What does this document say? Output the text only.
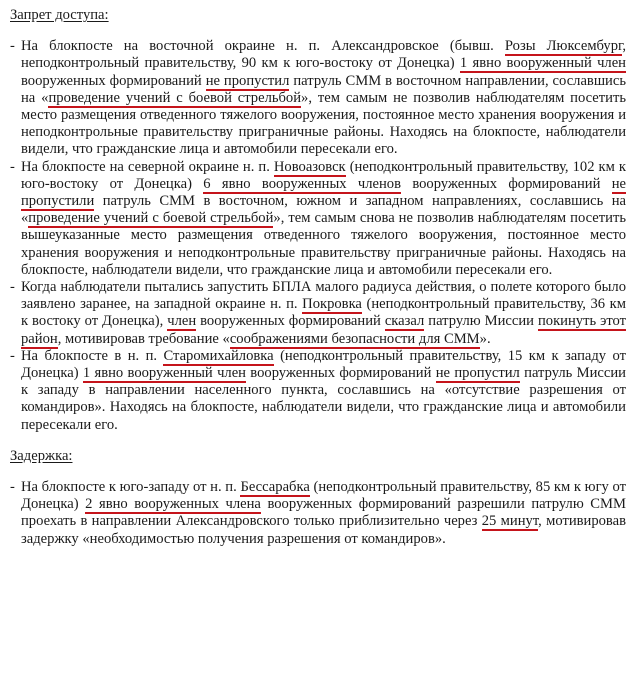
Запрет доступа:

- На блокпосте на восточной окраине н. п. Александровское (бывш. Розы Люксембург, неподконтрольный правительству, 90 км к юго-востоку от Донецка) 1 явно вооруженный член вооруженных формирований не пропустил патруль СММ в восточном направлении, сославшись на «проведение учений с боевой стрельбой», тем самым не позволив наблюдателям посетить место размещения отведенного тяжелого вооружения, постоянное место хранения вооружения и неподконтрольные правительству приграничные районы. Находясь на блокпосте, наблюдатели видели, что гражданские лица и автомобили пересекали его.
- На блокпосте на северной окраине н. п. Новоазовск (неподконтрольный правительству, 102 км к юго-востоку от Донецка) 6 явно вооруженных членов вооруженных формирований не пропустили патруль СММ в восточном, южном и западном направлениях, сославшись на «проведение учений с боевой стрельбой», тем самым снова не позволив наблюдателям посетить вышеуказанные место размещения отведенного тяжелого вооружения, постоянное место хранения вооружения и неподконтрольные правительству приграничные районы. Находясь на блокпосте, наблюдатели видели, что гражданские лица и автомобили пересекали его.
- Когда наблюдатели пытались запустить БПЛА малого радиуса действия, о полете которого было заявлено заранее, на западной окраине н. п. Покровка (неподконтрольный правительству, 36 км к востоку от Донецка), член вооруженных формирований сказал патрулю Миссии покинуть этот район, мотивировав требование «соображениями безопасности для СММ».
- На блокпосте в н. п. Старомихайловка (неподконтрольный правительству, 15 км к западу от Донецка) 1 явно вооруженный член вооруженных формирований не пропустил патруль Миссии к западу в направлении населенного пункта, сославшись на «отсутствие разрешения от командиров». Находясь на блокпосте, наблюдатели видели, что гражданские лица и автомобили пересекали его.

Задержка:

- На блокпосте к юго-западу от н. п. Бессарабка (неподконтрольный правительству, 85 км к югу от Донецка) 2 явно вооруженных члена вооруженных формирований разрешили патрулю СММ проехать в направлении Александровского только приблизительно через 25 минут, мотивировав задержку «необходимостью получения разрешения от командиров».
